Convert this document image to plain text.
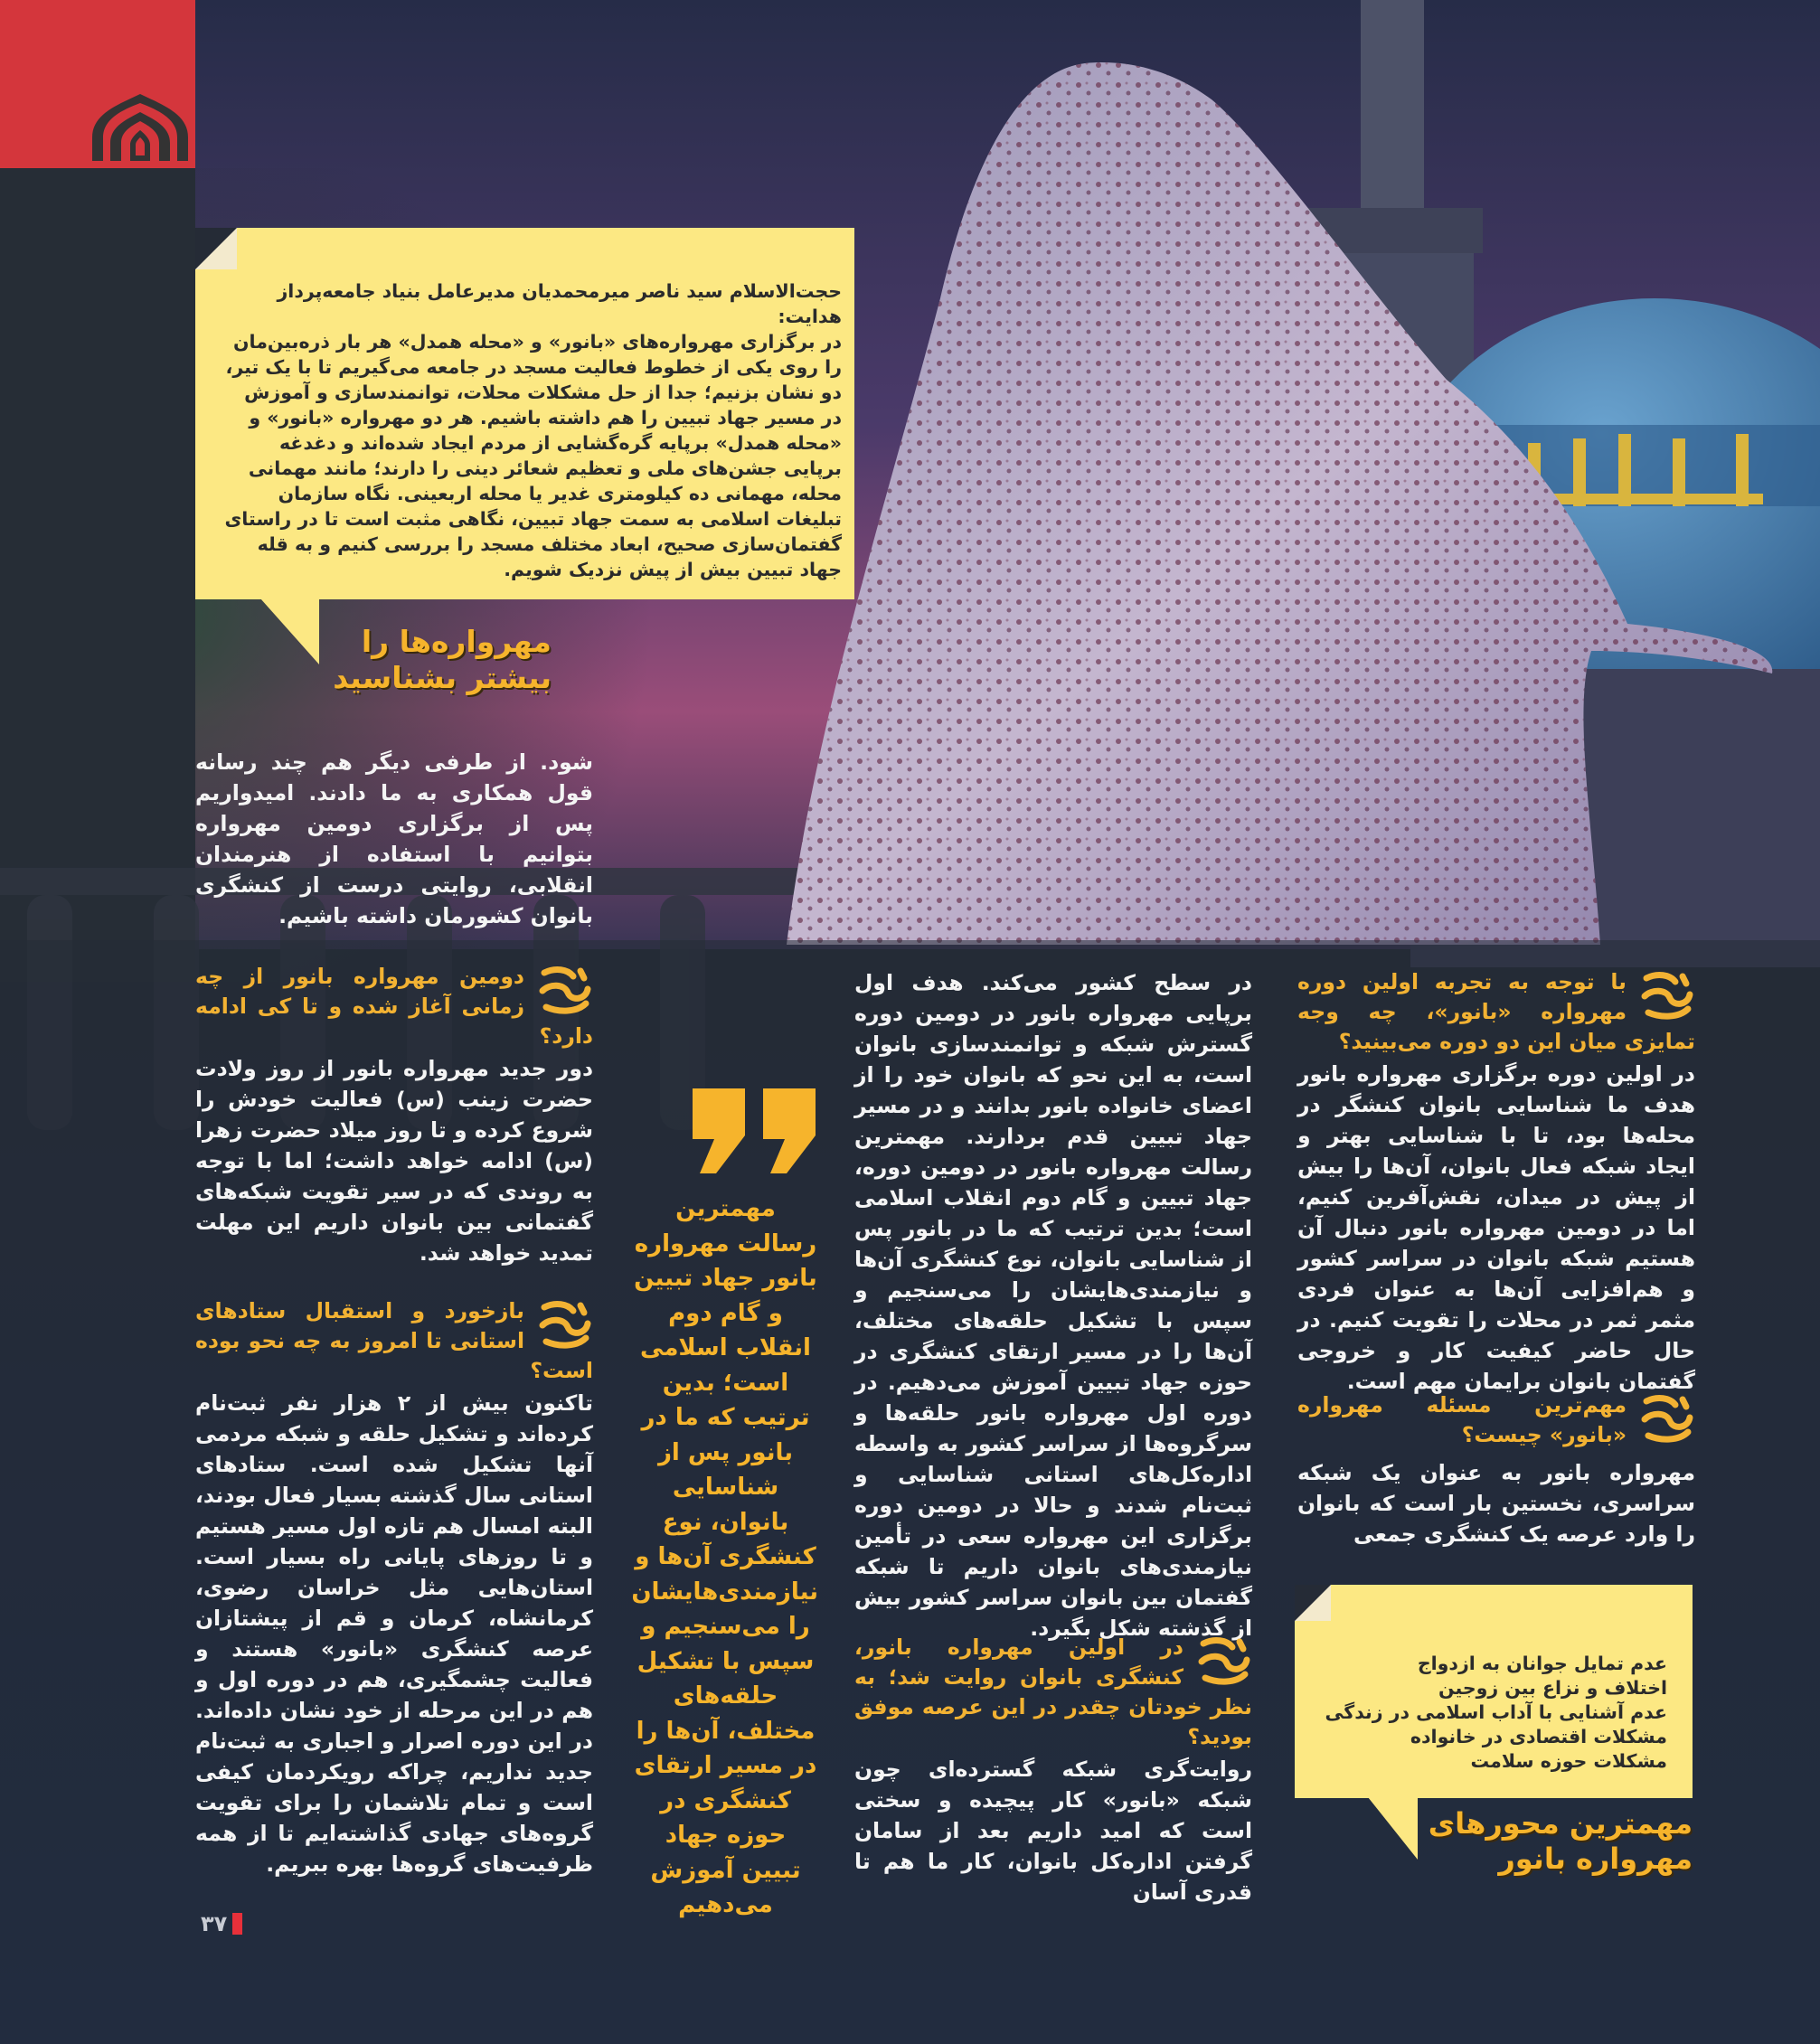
حجت‌الاسلام سید ناصر میرمحمدیان مدیرعامل بنیاد جامعه‌پرداز هدایت:
در برگزاری مهرواره‌های «بانور» و «محله همدل» هر بار ذره‌بین‌مان را روی یکی از خطوط فعالیت مسجد در جامعه می‌گیریم تا با یک تیر، دو نشان بزنیم؛ جدا از حل مشکلات محلات، توانمندسازی و آموزش در مسیر جهاد تبیین را هم داشته باشیم. هر دو مهرواره «بانور» و «محله همدل» برپایه گره‌گشایی از مردم ایجاد شده‌اند و دغدغه برپایی جشن‌های ملی و تعظیم شعائر دینی را دارند؛ مانند مهمانی محله، مهمانی ده کیلومتری غدیر یا محله اربعینی. نگاه سازمان تبلیغات اسلامی به سمت جهاد تبیین، نگاهی مثبت است تا در راستای گفتمان‌سازی صحیح، ابعاد مختلف مسجد را بررسی کنیم و به قله جهاد تبیین بیش از پیش نزدیک شویم.
مهرواره‌ها را
بیشتر بشناسید
شود. از طرفی دیگر هم چند رسانه قول همکاری به ما دادند. امیدواریم پس از برگزاری دومین مهرواره بتوانیم با استفاده از هنرمندان انقلابی، روایتی درست از کنشگری بانوان کشورمان داشته باشیم.
دومین مهرواره بانور از چه زمانی آغاز شده و تا کی ادامه دارد؟
دور جدید مهرواره بانور از روز ولادت حضرت زینب (س) فعالیت خودش را شروع کرده و تا روز میلاد حضرت زهرا (س) ادامه خواهد داشت؛ اما با توجه به روندی که در سیر تقویت شبکه‌های گفتمانی بین بانوان داریم این مهلت تمدید خواهد شد.
بازخورد و استقبال ستادهای استانی تا امروز به چه نحو بوده است؟
تاکنون بیش از ۲ هزار نفر ثبت‌نام کرده‌اند و تشکیل حلقه و شبکه مردمی آنها تشکیل شده است. ستادهای استانی سال گذشته بسیار فعال بودند، البته امسال هم تازه اول مسیر هستیم و تا روزهای پایانی راه بسیار است. استان‌هایی مثل خراسان رضوی، کرمانشاه، کرمان و قم از پیشتازان عرصه کنشگری «بانور» هستند و فعالیت چشمگیری، هم در دوره اول و هم در این مرحله از خود نشان داده‌اند. در این دوره اصرار و اجباری به ثبت‌نام جدید نداریم، چراکه رویکردمان کیفی است و تمام تلاشمان را برای تقویت گروه‌های جهادی گذاشته‌ایم تا از همه ظرفیت‌های گروه‌ها بهره ببریم.
مهمترین رسالت مهرواره بانور جهاد تبیین و گام دوم انقلاب اسلامی است؛ بدین ترتیب که ما در بانور پس از شناسایی بانوان، نوع کنشگری آن‌ها و نیازمندی‌هایشان را می‌سنجیم و سپس با تشکیل حلقه‌های مختلف، آن‌ها را در مسیر ارتقای کنشگری در حوزه جهاد تبیین آموزش می‌دهیم
در سطح کشور می‌کند. هدف اول برپایی مهرواره بانور در دومین دوره گسترش شبکه و توانمندسازی بانوان است، به این نحو که بانوان خود را از اعضای خانواده بانور بدانند و در مسیر جهاد تبیین قدم بردارند. مهمترین رسالت مهرواره بانور در دومین دوره، جهاد تبیین و گام دوم انقلاب اسلامی است؛ بدین ترتیب که ما در بانور پس از شناسایی بانوان، نوع کنشگری آن‌ها و نیازمندی‌هایشان را می‌سنجیم و سپس با تشکیل حلقه‌های مختلف، آن‌ها را در مسیر ارتقای کنشگری در حوزه جهاد تبیین آموزش می‌دهیم. در دوره اول مهرواره بانور حلقه‌ها و سرگروه‌ها از سراسر کشور به واسطه اداره‌کل‌های استانی شناسایی و ثبت‌نام شدند و حالا در دومین دوره برگزاری این مهرواره سعی در تأمین نیازمندی‌های بانوان داریم تا شبکه گفتمان بین بانوان سراسر کشور بیش از گذشته شکل بگیرد.
در اولین مهرواره بانور، کنشگری بانوان روایت شد؛ به نظر خودتان چقدر در این عرصه موفق بودید؟
روایت‌گری شبکه گسترده‌ای چون شبکه «بانور» کار پیچیده و سختی است که امید داریم بعد از سامان گرفتن اداره‌کل بانوان، کار ما هم تا قدری آسان
با توجه به تجربه اولین دوره مهرواره «بانور»، چه وجه تمایزی میان این دو دوره می‌بینید؟
در اولین دوره برگزاری مهرواره بانور هدف ما شناسایی بانوان کنشگر در محله‌ها بود، تا با شناسایی بهتر و ایجاد شبکه فعال بانوان، آن‌ها را بیش از پیش در میدان، نقش‌آفرین کنیم، اما در دومین مهرواره بانور دنبال آن هستیم شبکه بانوان در سراسر کشور و هم‌افزایی آن‌ها به عنوان فردی مثمر ثمر در محلات را تقویت کنیم. در حال حاضر کیفیت کار و خروجی گفتمان بانوان برایمان مهم است.
مهم‌ترین مسئله مهرواره «بانور» چیست؟
مهرواره بانور به عنوان یک شبکه سراسری، نخستین بار است که بانوان را وارد عرصه یک کنشگری جمعی
عدم تمایل جوانان به ازدواج
اختلاف و نزاع بین زوجین
عدم آشنایی با آداب اسلامی در زندگی
مشکلات اقتصادی در خانواده
مشکلات حوزه سلامت
مهمترین محورهای
مهرواره بانور
۳۷
